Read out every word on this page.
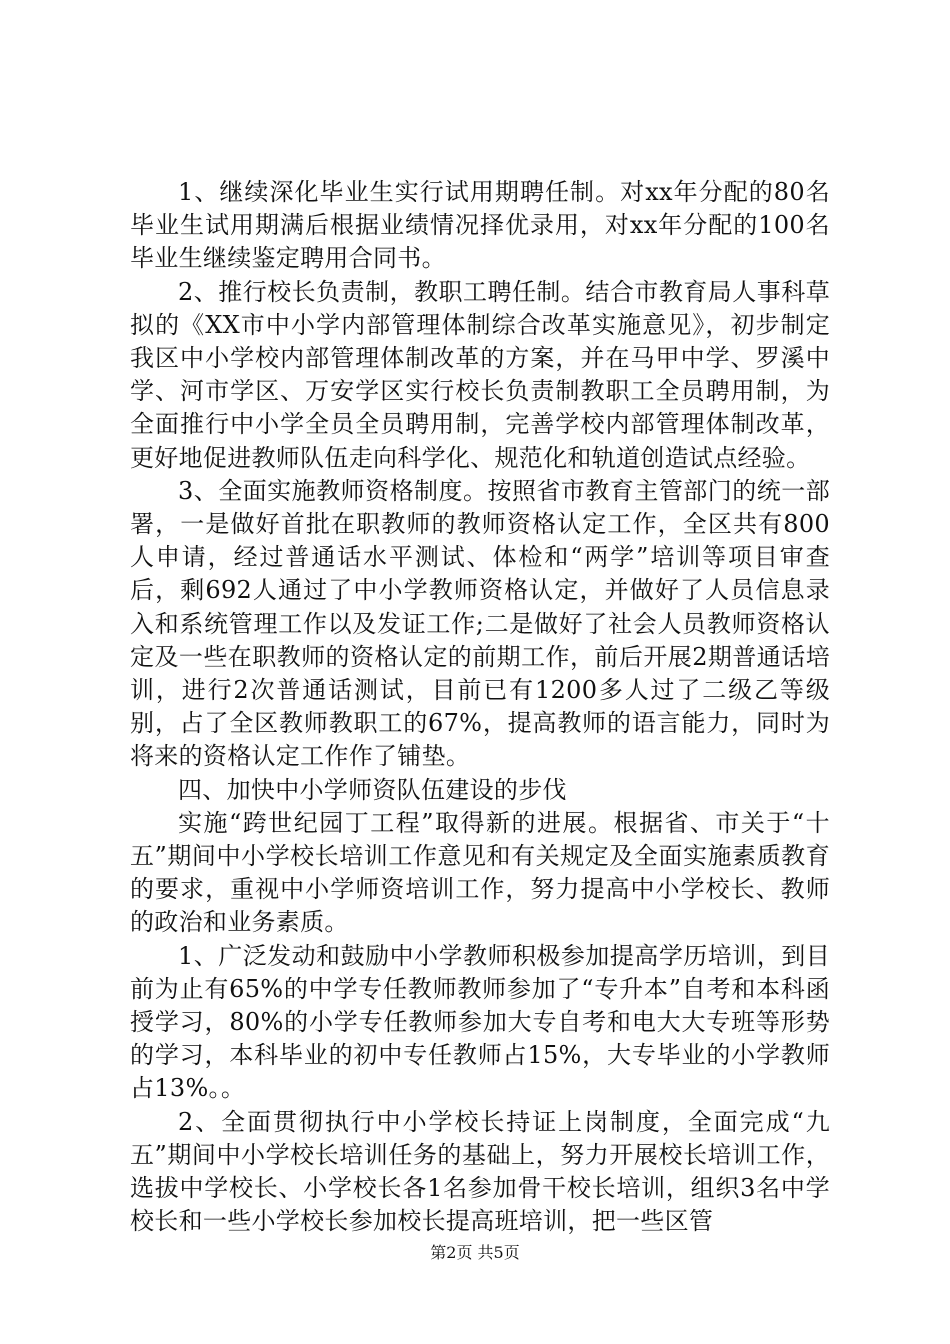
1、继续深化毕业生实行试用期聘任制。对xx年分配的80名毕业生试用期满后根据业绩情况择优录用，对xx年分配的100名毕业生继续鉴定聘用合同书。

2、推行校长负责制，教职工聘任制。结合市教育局人事科草拟的《XX市中小学内部管理体制综合改革实施意见》，初步制定我区中小学校内部管理体制改革的方案，并在马甲中学、罗溪中学、河市学区、万安学区实行校长负责制教职工全员聘用制，为全面推行中小学全员全员聘用制，完善学校内部管理体制改革，更好地促进教师队伍走向科学化、规范化和轨道创造试点经验。

3、全面实施教师资格制度。按照省市教育主管部门的统一部署，一是做好首批在职教师的教师资格认定工作，全区共有800人申请，经过普通话水平测试、体检和“两学”培训等项目审查后，剩692人通过了中小学教师资格认定，并做好了人员信息录入和系统管理工作以及发证工作;二是做好了社会人员教师资格认定及一些在职教师的资格认定的前期工作，前后开展2期普通话培训，进行2次普通话测试，目前已有1200多人过了二级乙等级别，占了全区教师教职工的67%，提高教师的语言能力，同时为将来的资格认定工作作了铺垫。

四、加快中小学师资队伍建设的步伐

实施“跨世纪园丁工程”取得新的进展。根据省、市关于“十五”期间中小学校长培训工作意见和有关规定及全面实施素质教育的要求，重视中小学师资培训工作，努力提高中小学校长、教师的政治和业务素质。

1、广泛发动和鼓励中小学教师积极参加提高学历培训，到目前为止有65%的中学专任教师教师参加了“专升本”自考和本科函授学习，80%的小学专任教师参加大专自考和电大大专班等形势的学习，本科毕业的初中专任教师占15%，大专毕业的小学教师占13%。。

2、全面贯彻执行中小学校长持证上岗制度，全面完成“九五”期间中小学校长培训任务的基础上，努力开展校长培训工作，选拔中学校长、小学校长各1名参加骨干校长培训，组织3名中学校长和一些小学校长参加校长提高班培训，把一些区管

第2页 共5页
